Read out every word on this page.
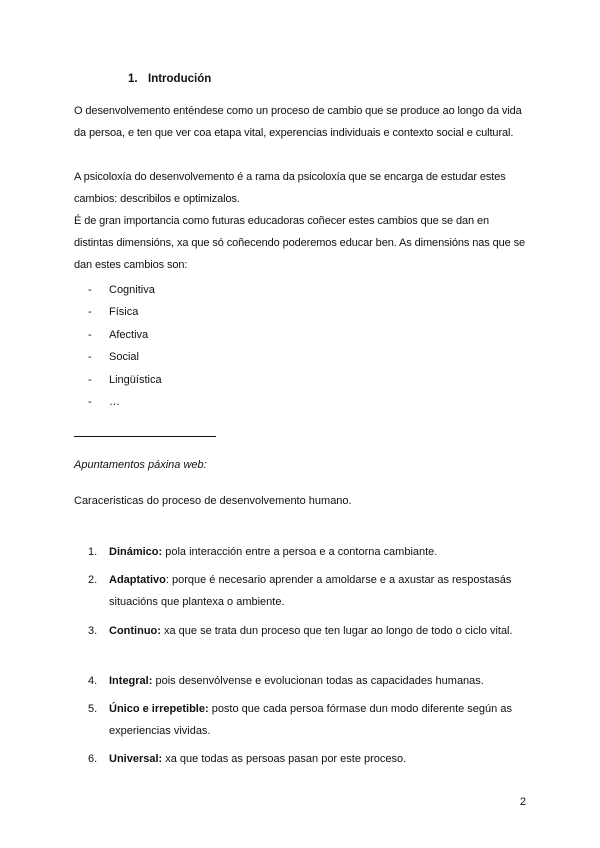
1. Introdución

O desenvolvemento enténdese como un proceso de cambio que se produce ao longo da vida da persoa, e ten que ver coa etapa vital, experencias individuais e contexto social e cultural.

A psicoloxía do desenvolvemento é a rama da psicoloxía que se encarga de estudar estes cambios: describilos e optimizalos.

É de gran importancia como futuras educadoras coñecer estes cambios que se dan en distintas dimensións, xa que só coñecendo poderemos educar ben. As dimensións nas que se dan estes cambios son:

- Cognitiva
- Física
- Afectiva
- Social
- Lingüística
- …
Apuntamentos páxina web:
Caraceristicas do proceso de desenvolvemento humano.
1. Dinámico: pola interacción entre a persoa e a contorna cambiante.
2. Adaptativo: porque é necesario aprender a amoldarse e a axustar as respostasás situacións que plantexa o ambiente.
3. Continuo: xa que se trata dun proceso que ten lugar ao longo de todo o ciclo vital.
4. Integral: pois desenvólvense e evolucionan todas as capacidades humanas.
5. Único e irrepetible: posto que cada persoa fórmase dun modo diferente según as experiencias vividas.
6. Universal: xa que todas as persoas pasan por este proceso.
2
